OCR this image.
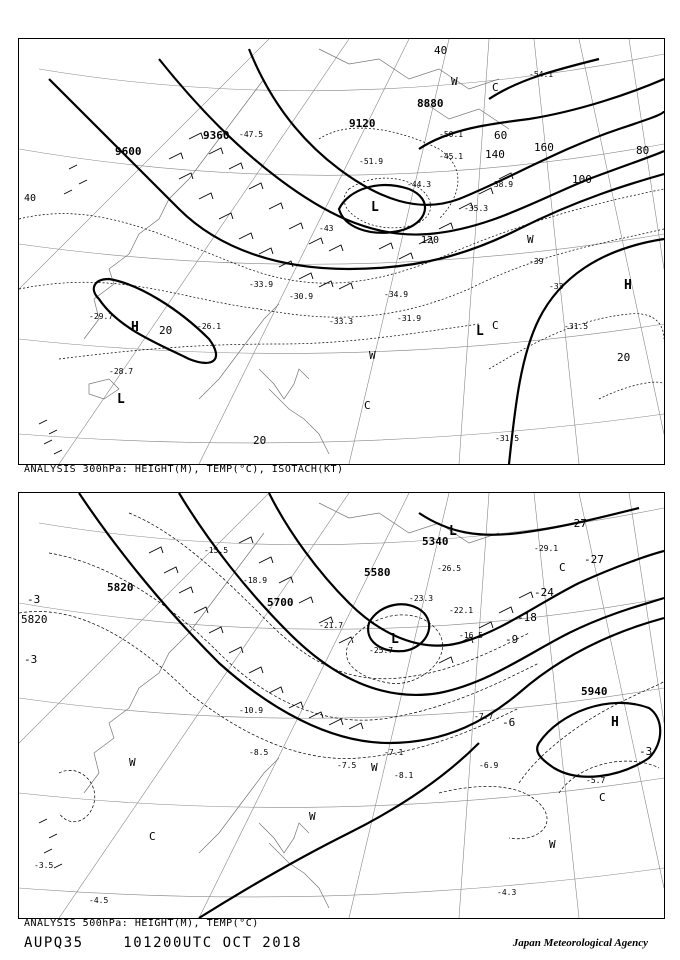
9600
9360
9120
8880
20
20
20
40
40
60
80
100
120
140
160
-29.7
-30.9
-33.3
-34.9
-31.9
-31.5
-31.5
-38.9
-45.1
-47.5	-50.1
-51.9
-54.1
-44.3
-35.3
-28.7
-26.1
-33
-39
-43
-33.9
H
H
L
L
L
W
W
W
C
C
C
ANALYSIS 300hPa: HEIGHT(M), TEMP(°C), ISOTACH(KT)
5940
5820
5820
5700
5580
5340
-3
-3
-3
-6
-9
-18
-24
-27
-27
-7.7
-7.1
-8.1
-7.5	-6.9
-5.7
-4.3
-4.5
-15.5
-18.9
-21.7
-23.3
-26.5
-29.1
-25.7
-22.1
-16.5
-10.9
-8.5
-3.5
H
L
L
W
W
W
W
C
C
C
ANALYSIS 500hPa: HEIGHT(M), TEMP(°C)
AUPQ35	101200UTC OCT 2018	Japan Meteorological Agency
